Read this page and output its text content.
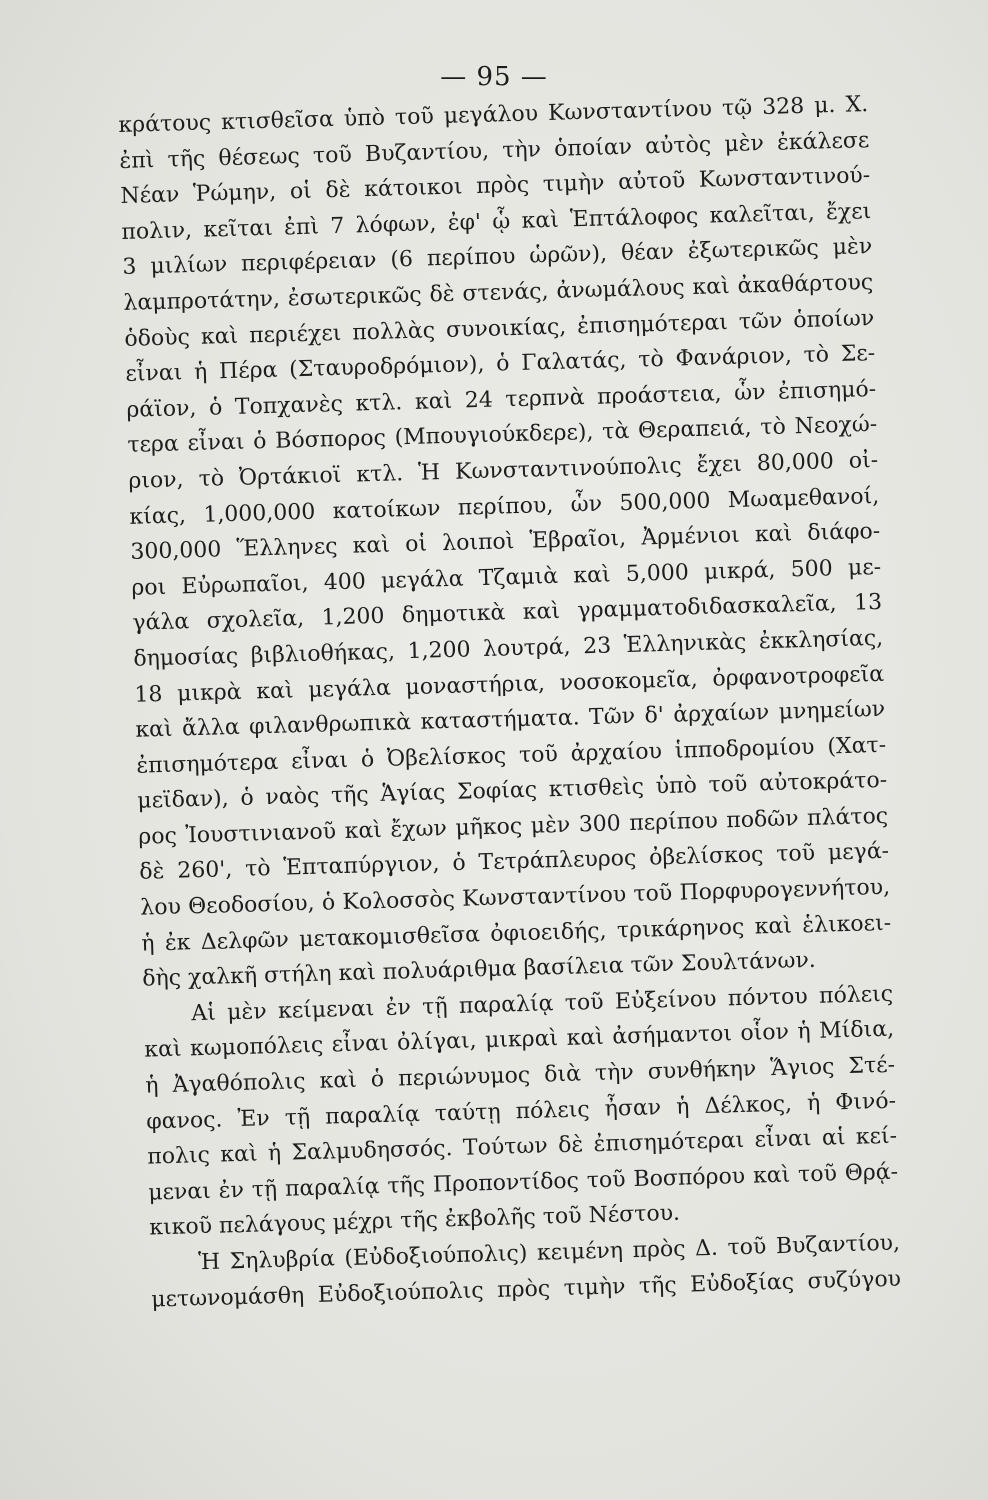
— 95 —
κράτους κτισθεῖσα ὑπὸ τοῦ μεγάλου Κωνσταντίνου τῷ 328 μ. Χ.
ἐπὶ τῆς θέσεως τοῦ Βυζαντίου, τὴν ὁποίαν αὐτὸς μὲν ἐκάλεσε
Νέαν Ῥώμην, οἱ δὲ κάτοικοι πρὸς τιμὴν αὐτοῦ Κωνσταντινού-
πολιν, κεῖται ἐπὶ 7 λόφων, ἐφ' ᾧ καὶ Ἑπτάλοφος καλεῖται, ἔχει
3 μιλίων περιφέρειαν (6 περίπου ὡρῶν), θέαν ἐξωτερικῶς μὲν
λαμπροτάτην, ἐσωτερικῶς δὲ στενάς, ἀνωμάλους καὶ ἀκαθάρτους
ὁδοὺς καὶ περιέχει πολλὰς συνοικίας, ἐπισημότεραι τῶν ὁποίων
εἶναι ἡ Πέρα (Σταυροδρόμιον), ὁ Γαλατάς, τὸ Φανάριον, τὸ Σε-
ράϊον, ὁ Τοπχανὲς κτλ. καὶ 24 τερπνὰ προάστεια, ὧν ἐπισημό-
τερα εἶναι ὁ Βόσπορος (Μπουγιούκδερε), τὰ Θεραπειά, τὸ Νεοχώ-
ριον, τὸ Ὀρτάκιοϊ κτλ. Ἡ Κωνσταντινούπολις ἔχει 80,000 οἰ-
κίας, 1,000,000 κατοίκων περίπου, ὧν 500,000 Μωαμεθανοί,
300,000 Ἕλληνες καὶ οἱ λοιποὶ Ἑβραῖοι, Ἀρμένιοι καὶ διάφο-
ροι Εὐρωπαῖοι, 400 μεγάλα Τζαμιὰ καὶ 5,000 μικρά, 500 με-
γάλα σχολεῖα, 1,200 δημοτικὰ καὶ γραμματοδιδασκαλεῖα, 13
δημοσίας βιβλιοθήκας, 1,200 λουτρά, 23 Ἑλληνικὰς ἐκκλησίας,
18 μικρὰ καὶ μεγάλα μοναστήρια, νοσοκομεῖα, ὀρφανοτροφεῖα
καὶ ἄλλα φιλανθρωπικὰ καταστήματα. Τῶν δ' ἀρχαίων μνημείων
ἐπισημότερα εἶναι ὁ Ὀβελίσκος τοῦ ἀρχαίου ἱπποδρομίου (Χατ-
μεϊδαν), ὁ ναὸς τῆς Ἁγίας Σοφίας κτισθεὶς ὑπὸ τοῦ αὐτοκράτο-
ρος Ἰουστινιανοῦ καὶ ἔχων μῆκος μὲν 300 περίπου ποδῶν πλάτος
δὲ 260', τὸ Ἑπταπύργιον, ὁ Τετράπλευρος ὀβελίσκος τοῦ μεγά-
λου Θεοδοσίου, ὁ Κολοσσὸς Κωνσταντίνου τοῦ Πορφυρογεννήτου,
ἡ ἐκ Δελφῶν μετακομισθεῖσα ὀφιοειδής, τρικάρηνος καὶ ἑλικοει-
δὴς χαλκῆ στήλη καὶ πολυάριθμα βασίλεια τῶν Σουλτάνων.
Αἱ μὲν κείμεναι ἐν τῇ παραλίᾳ τοῦ Εὐξείνου πόντου πόλεις
καὶ κωμοπόλεις εἶναι ὀλίγαι, μικραὶ καὶ ἀσήμαντοι οἷον ἡ Μίδια,
ἡ Ἀγαθόπολις καὶ ὁ περιώνυμος διὰ τὴν συνθήκην Ἅγιος Στέ-
φανος. Ἐν τῇ παραλίᾳ ταύτῃ πόλεις ἦσαν ἡ Δέλκος, ἡ Φινό-
πολις καὶ ἡ Σαλμυδησσός. Τούτων δὲ ἐπισημότεραι εἶναι αἱ κεί-
μεναι ἐν τῇ παραλίᾳ τῆς Προποντίδος τοῦ Βοσπόρου καὶ τοῦ Θρᾴ-
κικοῦ πελάγους μέχρι τῆς ἐκβολῆς τοῦ Νέστου.
Ἡ Σηλυβρία (Εὐδοξιούπολις) κειμένη πρὸς Δ. τοῦ Βυζαντίου,
μετωνομάσθη Εὐδοξιούπολις πρὸς τιμὴν τῆς Εὐδοξίας συζύγου
